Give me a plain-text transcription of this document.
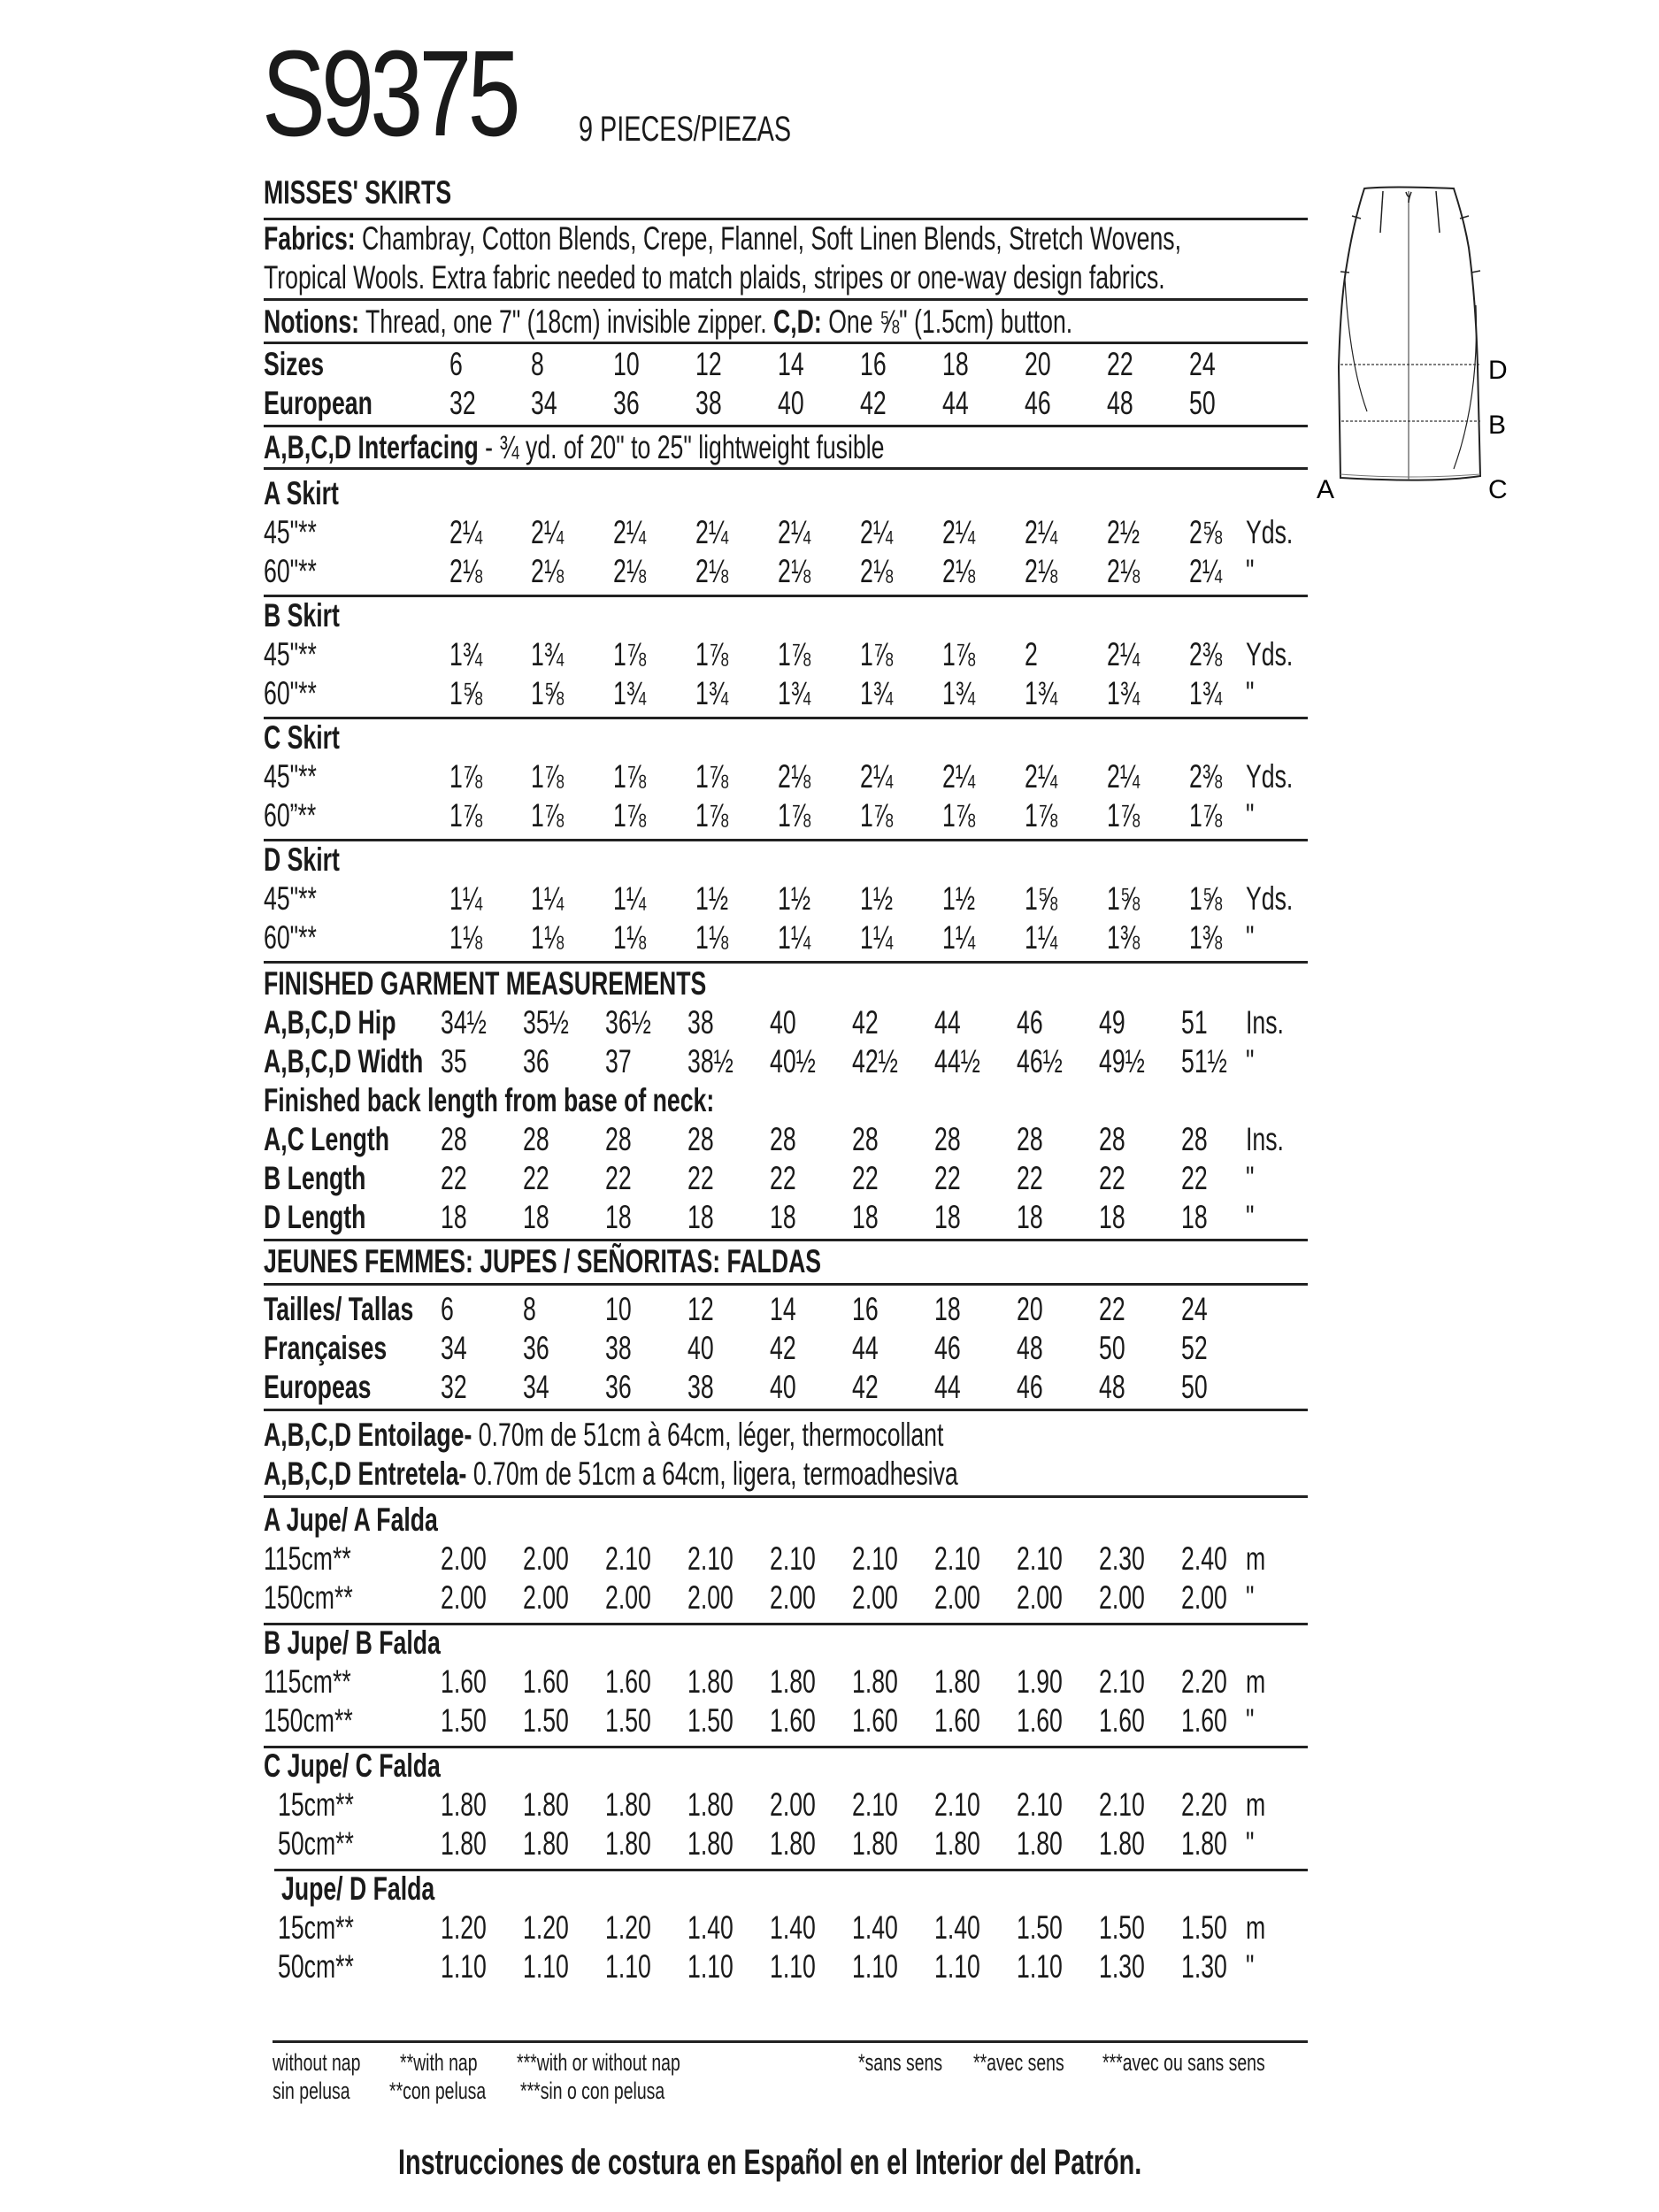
S9375 9 PIECES/PIEZAS
MISSES' SKIRTS
Fabrics: Chambray, Cotton Blends, Crepe, Flannel, Soft Linen Blends, Stretch Wovens,
Tropical Wools. Extra fabric needed to match plaids, stripes or one-way design fabrics.
Notions: Thread, one 7" (18cm) invisible zipper. C,D: One ⅝" (1.5cm) button.
Sizes	6 8 10 12 14 16 18 20 22 24
European 32 34 36 38 40 42 44 46 48 50
A,B,C,D Interfacing - ¾ yd. of 20" to 25" lightweight fusible
A Skirt
45"**	2¼ 2¼ 2¼ 2¼ 2¼ 2¼ 2¼ 2¼ 2½ 2⅝ Yds.
60"**	2⅛ 2⅛ 2⅛ 2⅛ 2⅛ 2⅛ 2⅛ 2⅛ 2⅛ 2¼ "
B Skirt
45"**	1¾ 1¾ 1⅞ 1⅞ 1⅞ 1⅞ 1⅞ 2 2¼ 2⅜ Yds.
60"**	1⅝ 1⅝ 1¾ 1¾ 1¾ 1¾ 1¾ 1¾ 1¾ 1¾ "
C Skirt
45"**	1⅞ 1⅞ 1⅞ 1⅞ 2⅛ 2¼ 2¼ 2¼ 2¼ 2⅜ Yds.
60”**	1⅞ 1⅞ 1⅞ 1⅞ 1⅞ 1⅞ 1⅞ 1⅞ 1⅞ 1⅞ "
D Skirt
45"**	1¼ 1¼ 1¼ 1½ 1½ 1½ 1½ 1⅝ 1⅝ 1⅝ Yds.
60"**	1⅛ 1⅛ 1⅛ 1⅛ 1¼ 1¼ 1¼ 1¼ 1⅜ 1⅜ "
FINISHED GARMENT MEASUREMENTS
A,B,C,D Hip 34½ 35½ 36½ 38 40 42 44 46 49 51 Ins.
A,B,C,D Width 35 36 37 38½ 40½ 42½ 44½ 46½ 49½ 51½ "
Finished back length from base of neck:
A,C Length 28 28 28 28 28 28 28 28 28 28 Ins.
B Length 22 22 22 22 22 22 22 22 22 22 "
D Length 18 18 18 18 18 18 18 18 18 18 "
JEUNES FEMMES: JUPES / SEÑORITAS: FALDAS
Tailles/ Tallas 6 8 10 12 14 16 18 20 22 24
Françaises 34 36 38 40 42 44 46 48 50 52
Europeas 32 34 36 38 40 42 44 46 48 50
A,B,C,D Entoilage- 0.70m de 51cm à 64cm, léger, thermocollant
A,B,C,D Entretela- 0.70m de 51cm a 64cm, ligera, termoadhesiva
A Jupe/ A Falda
115cm**	2.00 2.00 2.10 2.10 2.10 2.10 2.10 2.10 2.30 2.40 m
150cm**	2.00 2.00 2.00 2.00 2.00 2.00 2.00 2.00 2.00 2.00 "
B Jupe/ B Falda
115cm**	1.60 1.60 1.60 1.80 1.80 1.80 1.80 1.90 2.10 2.20 m
150cm**	1.50 1.50 1.50 1.50 1.60 1.60 1.60 1.60 1.60 1.60 "
C Jupe/ C Falda
15cm**	1.80 1.80 1.80 1.80 2.00 2.10 2.10 2.10 2.10 2.20 m
50cm**	1.80 1.80 1.80 1.80 1.80 1.80 1.80 1.80 1.80 1.80 "
Jupe/ D Falda
15cm**	1.20 1.20 1.20 1.40 1.40 1.40 1.40 1.50 1.50 1.50 m
50cm**	1.10 1.10 1.10 1.10 1.10 1.10 1.10 1.10 1.30 1.30 "
D
B
A	C
without nap **with nap ***with or without nap	*sans sens **avec sens ***avec ou sans sens
sin pelusa **con pelusa ***sin o con pelusa
Instrucciones de costura en Español en el Interior del Patrón.
